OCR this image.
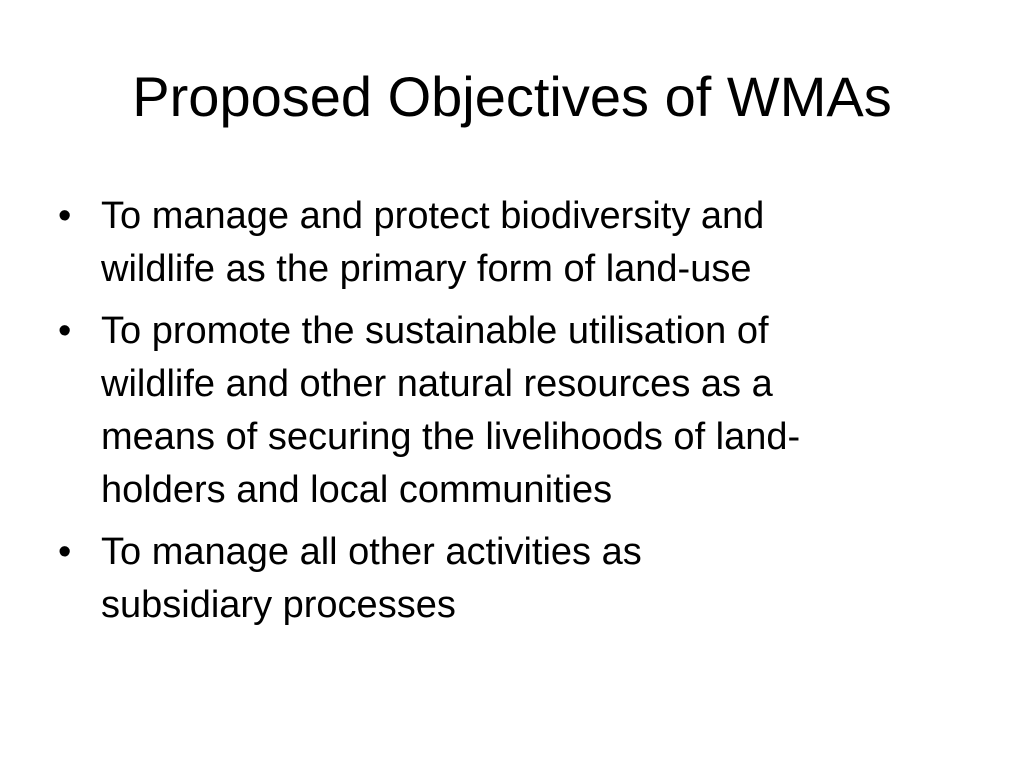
Proposed Objectives of WMAs
• To manage and protect biodiversity and
wildlife as the primary form of land-use
• To promote the sustainable utilisation of
wildlife and other natural resources as a
means of securing the livelihoods of land-
holders and local communities
• To manage all other activities as
subsidiary processes
